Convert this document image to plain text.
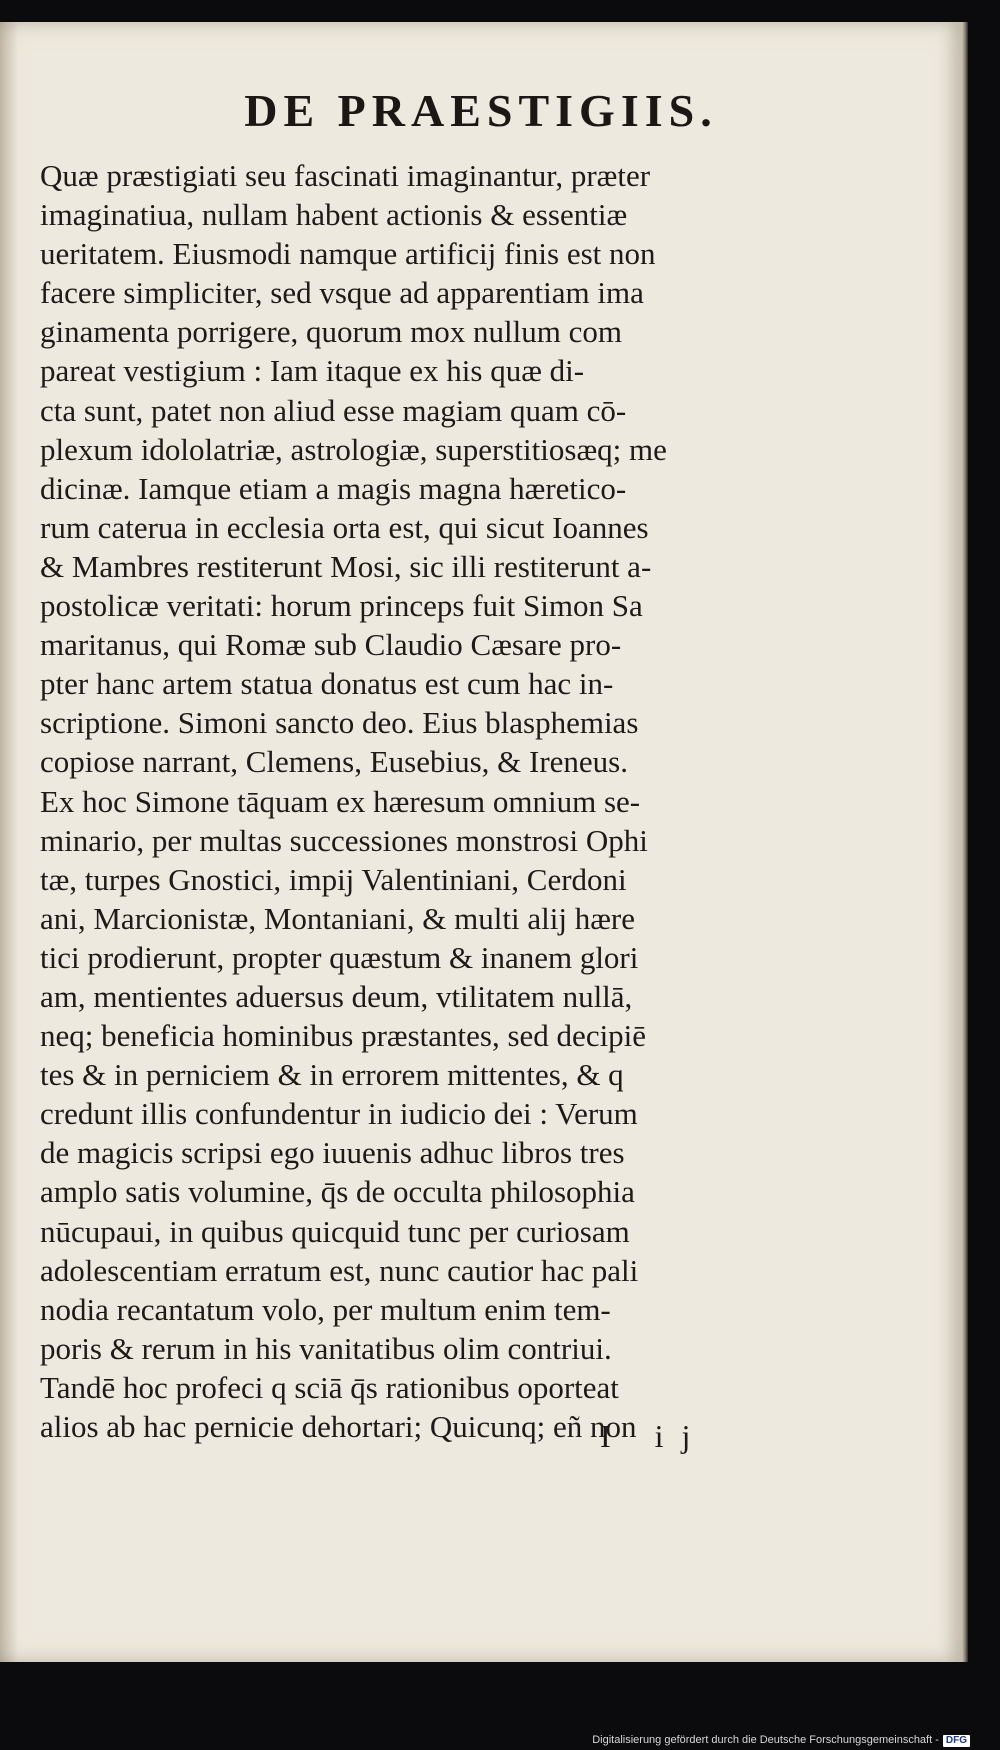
DE PRAESTIGIIS.
Quæ præstigiati seu fascinati imaginantur, præter
imaginatiua, nullam habent actionis & essentiæ
ueritatem. Eiusmodi namque artificij finis est non
facere simpliciter, sed vsque ad apparentiam ima
ginamenta porrigere, quorum mox nullum com
pareat vestigium : Iam itaque ex his quæ di-
cta sunt, patet non aliud esse magiam quam cō-
plexum idololatriæ, astrologiæ, superstitiosæq; me
dicinæ. Iamque etiam a magis magna hæretico-
rum caterua in ecclesia orta est, qui sicut Ioannes
& Mambres restiterunt Mosi, sic illi restiterunt a-
postolicæ veritati: horum princeps fuit Simon Sa
maritanus, qui Romæ sub Claudio Cæsare pro-
pter hanc artem statua donatus est cum hac in-
scriptione. Simoni sancto deo. Eius blasphemias
copiose narrant, Clemens, Eusebius, & Ireneus.
Ex hoc Simone tāquam ex hæresum omnium se-
minario, per multas successiones monstrosi Ophi
tæ, turpes Gnostici, impij Valentiniani, Cerdoni
ani, Marcionistæ, Montaniani, & multi alij hære
tici prodierunt, propter quæstum & inanem glori
am, mentientes aduersus deum, vtilitatem nullā,
neq; beneficia hominibus præstantes, sed decipiē
tes & in perniciem & in errorem mittentes, & q
credunt illis confundentur in iudicio dei : Verum
de magicis scripsi ego iuuenis adhuc libros tres
amplo satis volumine, q̄s de occulta philosophia
nūcupaui, in quibus quicquid tunc per curiosam
adolescentiam erratum est, nunc cautior hac pali
nodia recantatum volo, per multum enim tem-
poris & rerum in his vanitatibus olim contriui.
Tandē hoc profeci q sciā q̄s rationibus oporteat
alios ab hac pernicie dehortari; Quicunq; eñ non
I ij
Digitalisierung gefördert durch die Deutsche Forschungsgemeinschaft - DFG
